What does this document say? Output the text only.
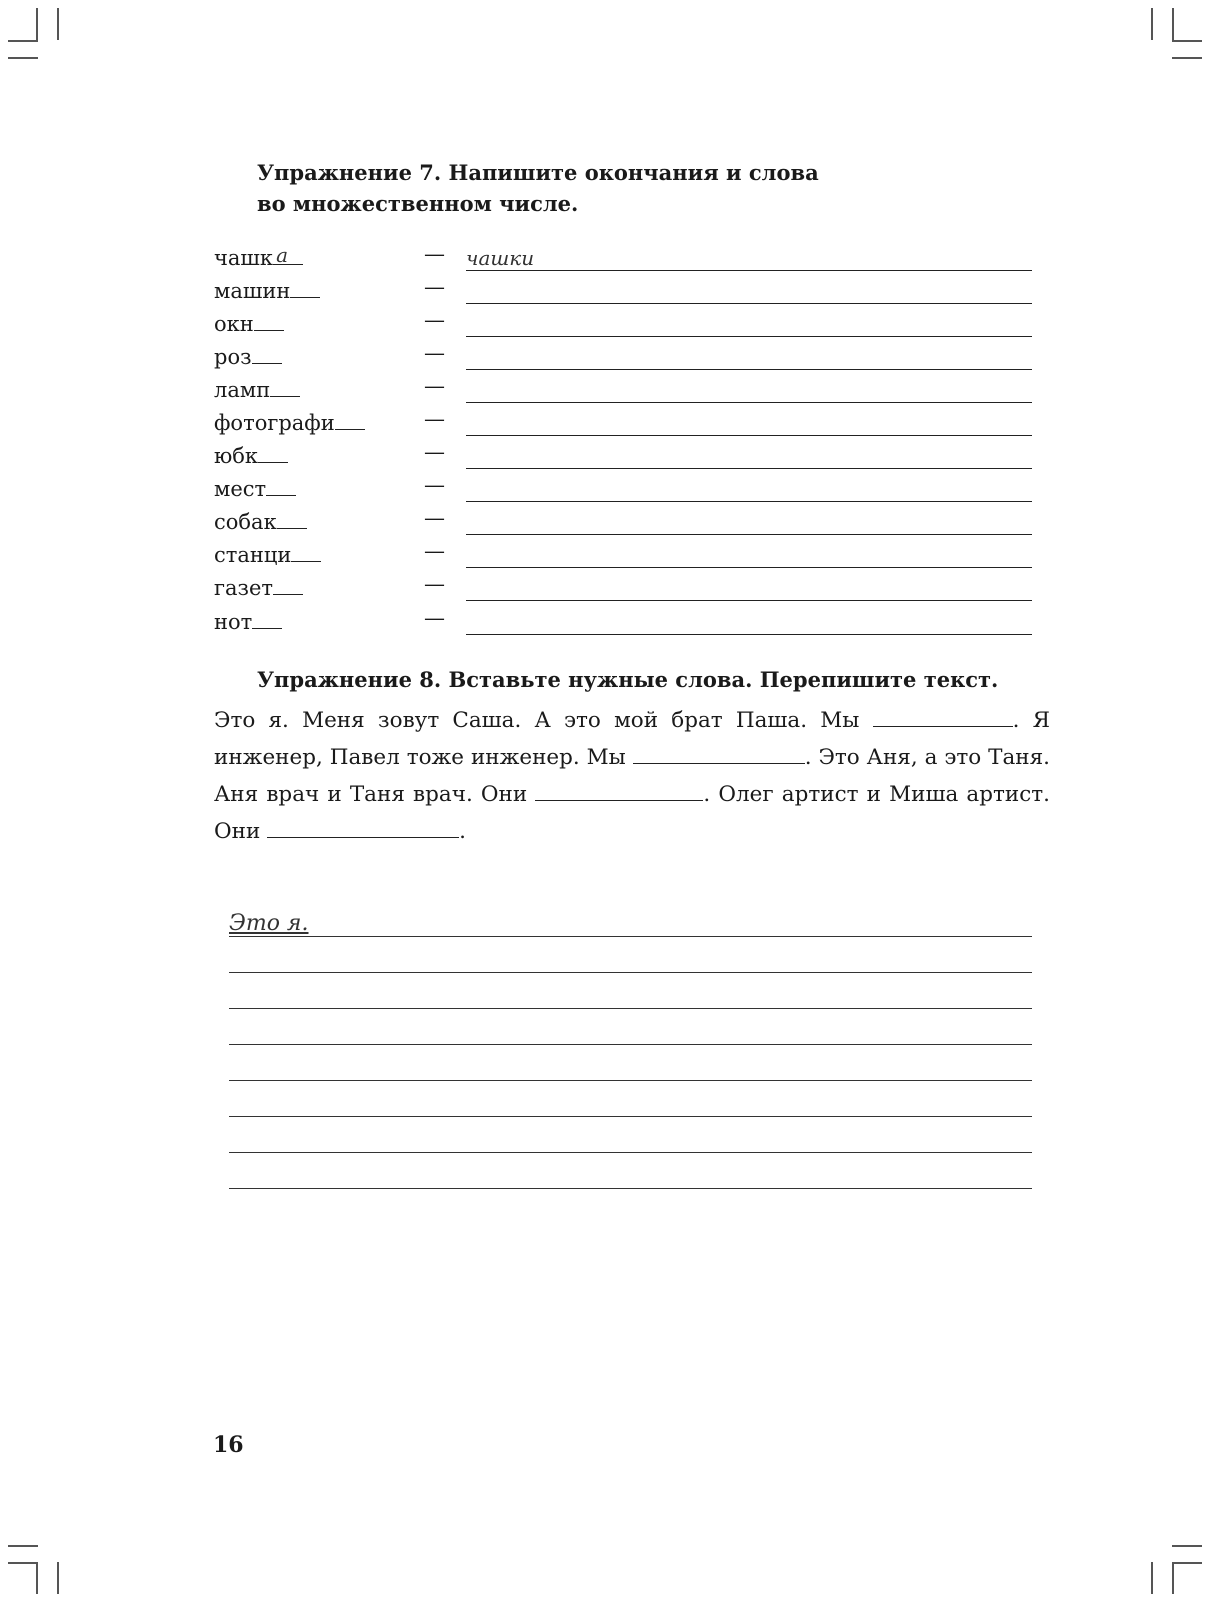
Упражнение 7. Напишите окончания и слова
во множественном числе.

чашк а	— чашки
машин	—
окн	—
роз	—
ламп	—
фотографи	—
юбк	—
мест	—
собак	—
станци	—
газет	—
нот	—

Упражнение 8. Вставьте нужные слова. Перепишите текст.

Это я. Меня зовут Саша. А это мой брат Паша. Мы	. Я инженер, Павел тоже инженер. Мы	. Это Аня, а это Таня. Аня врач и Таня врач. Они	. Олег артист и Миша артист. Они	.

Это я.

16
